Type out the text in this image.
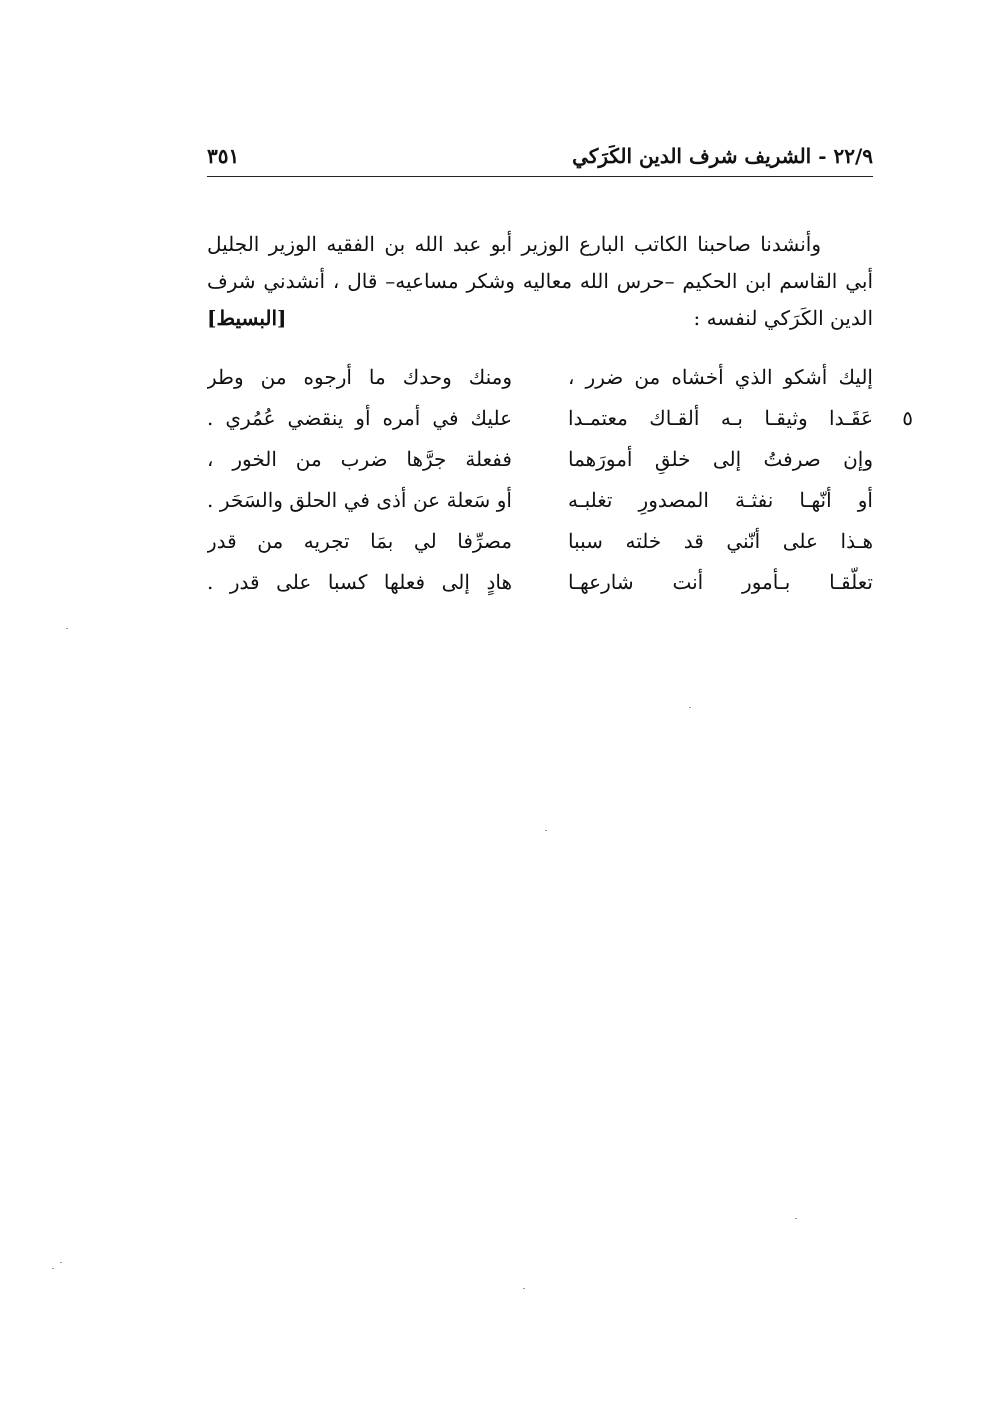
٢٢/٩ - الشريف شرف الدين الكَرَكي
٣٥١
وأنشدنا صاحبنا الكاتب البارع الوزير أبو عبد الله بن الفقيه الوزير الجليل
أبي القاسم ابن الحكيم –حرس الله معاليه وشكر مساعيه– قال ، أنشدني شرف
الدين الكَرَكي لنفسه :
[البسيط]
إليك أشكو الذي أخشاه من ضرر ،
ومنك وحدك ما أرجوه من وطر
٥
عَقَـدا وثيقـا بـه ألقـاك معتمـدا
عليك في أمره أو ينقضي عُمُري .
وإن صرفتُ إلى خلقٍ أمورَهما
ففعلة جرَّها ضرب من الخور ،
أو أنّهـا نفثـة المصدورِ تغلبـه
أو سَعلة عن أذى في الحلق والسَحَر .
هـذا على أنّني قد خلته سببا
مصرِّفا لي بمَا تجريه من قدر
تعلّقـا بـأمور أنت شارعهـا
هادٍ إلى فعلها كسبا على قدر .
